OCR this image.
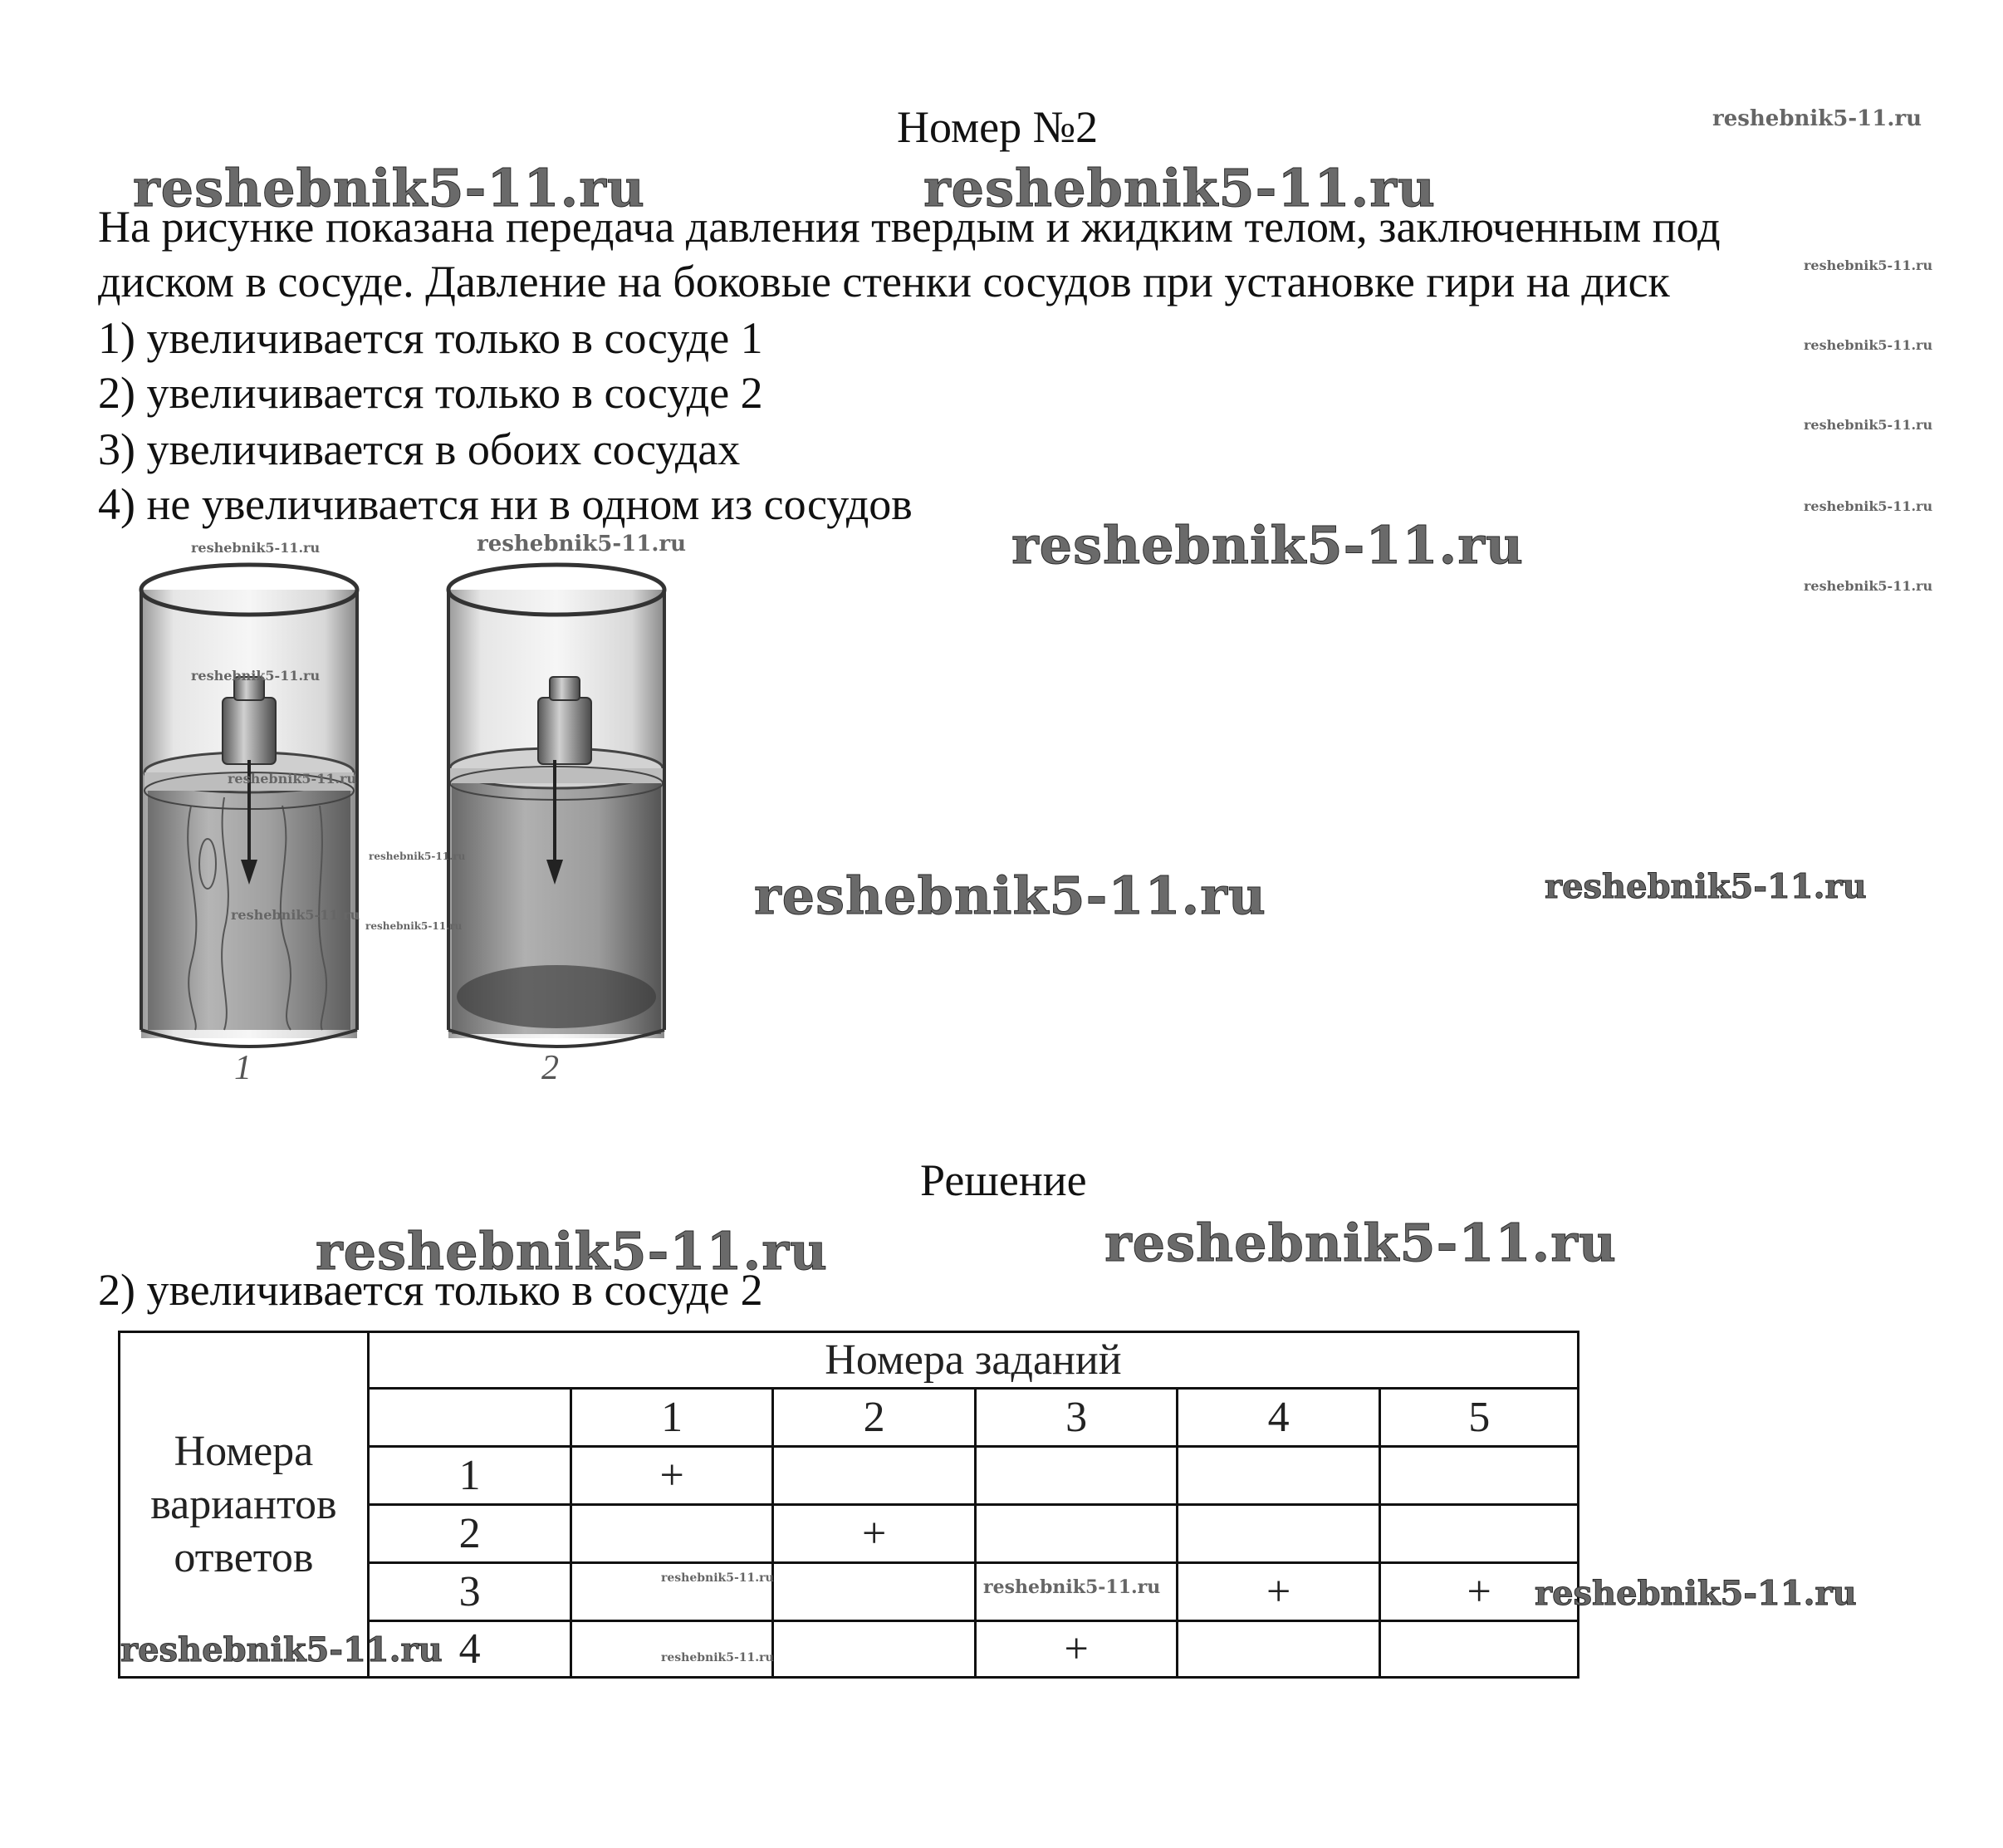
Номер №2
На рисунке показана передача давления твердым и жидким телом, заключенным под
диском в сосуде. Давление на боковые стенки сосудов при установке гири на диск
1) увеличивается только в сосуде 1
2) увеличивается только в сосуде 2
3) увеличивается в обоих сосудах
4) не увеличивается ни в одном из сосудов
1	2
Решение
2) увеличивается только в сосуде 2
Номера
вариантов
ответов	Номера заданий					
		1	2	3	4	5
	1	+				
	2		+			
	3				+	+
	4			+		
reshebnik5-11.ru	reshebnik5-11.ru
reshebnik5-11.ru
reshebnik5-11.ru
reshebnik5-11.ru	reshebnik5-11.ru
reshebnik5-11.ru
reshebnik5-11.ru
reshebnik5-11.ru
reshebnik5-11.ru
reshebnik5-11.ru
reshebnik5-11.ru
reshebnik5-11.ru
reshebnik5-11.ru
reshebnik5-11.ru
reshebnik5-11.ru
reshebnik5-11.ru
reshebnik5-11.ru
reshebnik5-11.ru
reshebnik5-11.ru
reshebnik5-11.ru
reshebnik5-11.ru
reshebnik5-11.ru
reshebnik5-11.ru
reshebnik5-11.ru
